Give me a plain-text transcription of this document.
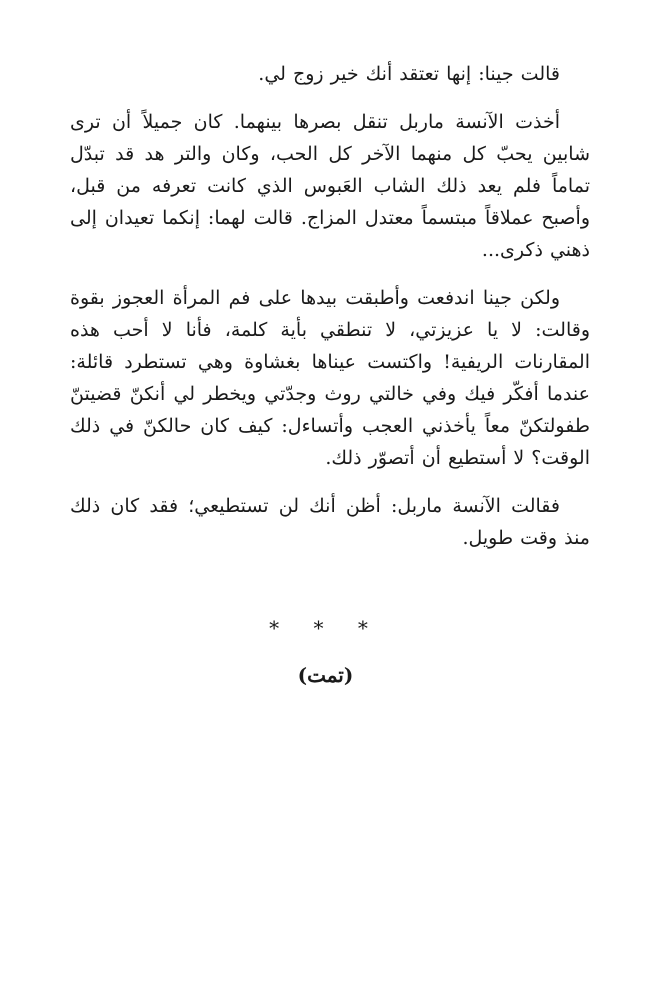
قالت جينا: إنها تعتقد أنك خير زوج لي.

أخذت الآنسة ماربل تنقل بصرها بينهما. كان جميلاً أن ترى شابين يحبّ كل منهما الآخر كل الحب، وكان والتر هد قد تبدّل تماماً فلم يعد ذلك الشاب العَبوس الذي كانت تعرفه من قبل، وأصبح عملاقاً مبتسماً معتدل المزاج. قالت لهما: إنكما تعيدان إلى ذهني ذكرى...

ولكن جينا اندفعت وأطبقت بيدها على فم المرأة العجوز بقوة وقالت: لا يا عزيزتي، لا تنطقي بأية كلمة، فأنا لا أحب هذه المقارنات الريفية! واكتست عيناها بغشاوة وهي تستطرد قائلة: عندما أفكّر فيك وفي خالتي روث وجدّتي ويخطر لي أنكنّ قضيتنّ طفولتكنّ معاً يأخذني العجب وأتساءل: كيف كان حالكنّ في ذلك الوقت؟ لا أستطيع أن أتصوّر ذلك.

فقالت الآنسة ماربل: أظن أنك لن تستطيعي؛ فقد كان ذلك منذ وقت طويل.

* * *
(تمت)
